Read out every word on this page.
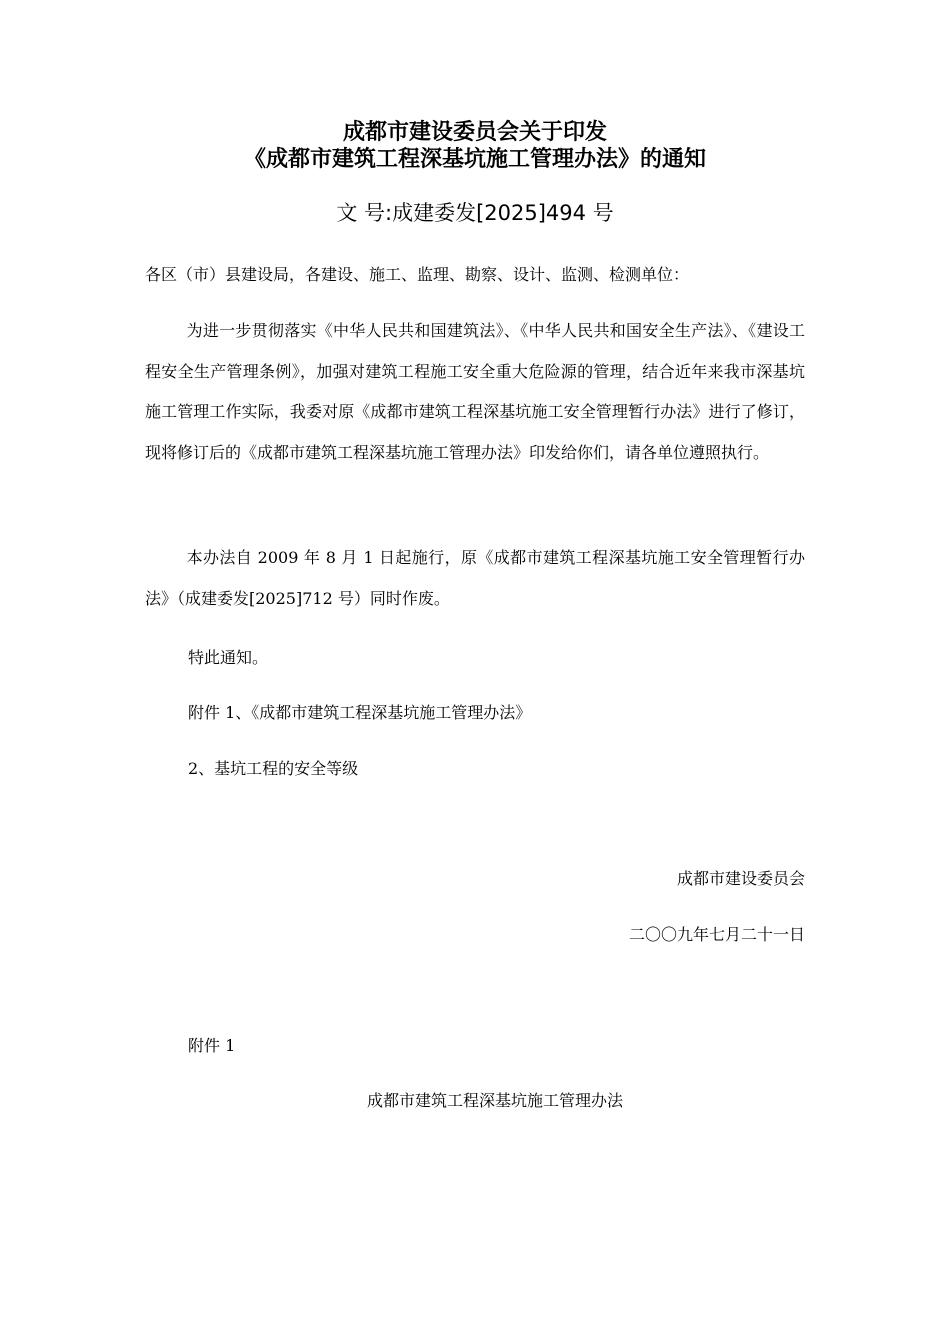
成都市建设委员会关于印发
《成都市建筑工程深基坑施工管理办法》的通知
文 号:成建委发[2025]494 号
各区（市）县建设局，各建设、施工、监理、勘察、设计、监测、检测单位：
为进一步贯彻落实《中华人民共和国建筑法》、《中华人民共和国安全生产法》、《建设工程安全生产管理条例》，加强对建筑工程施工安全重大危险源的管理，结合近年来我市深基坑施工管理工作实际，我委对原《成都市建筑工程深基坑施工安全管理暂行办法》进行了修订，现将修订后的《成都市建筑工程深基坑施工管理办法》印发给你们，请各单位遵照执行。
本办法自 2009 年 8 月 1 日起施行，原《成都市建筑工程深基坑施工安全管理暂行办法》（成建委发[2025]712 号）同时作废。
特此通知。
附件 1、《成都市建筑工程深基坑施工管理办法》
2、基坑工程的安全等级
成都市建设委员会
二〇〇九年七月二十一日
附件 1
成都市建筑工程深基坑施工管理办法
